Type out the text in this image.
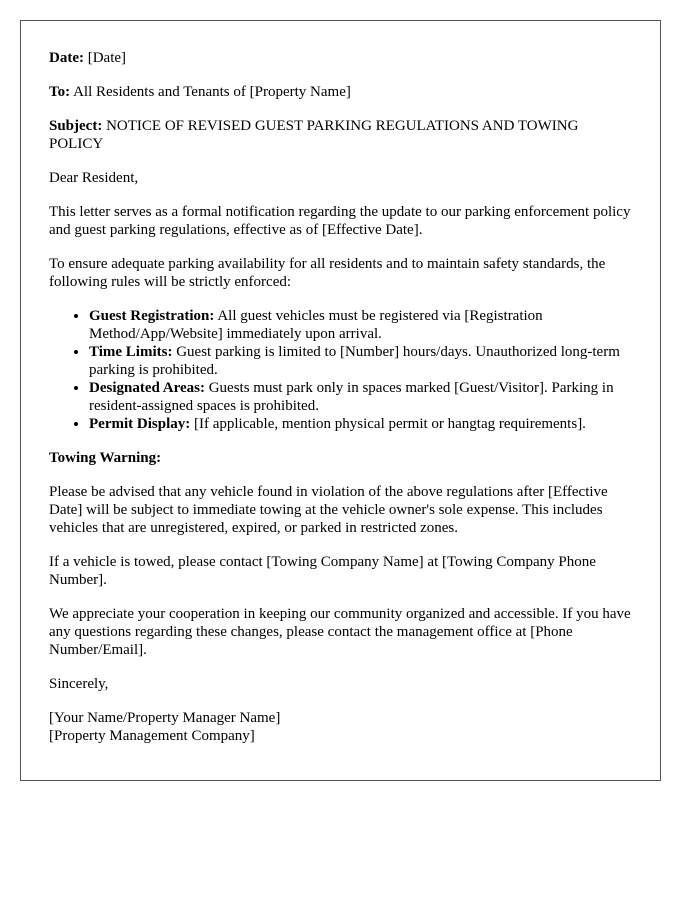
Date: [Date]

To: All Residents and Tenants of [Property Name]

Subject: NOTICE OF REVISED GUEST PARKING REGULATIONS AND TOWING POLICY

Dear Resident,

This letter serves as a formal notification regarding the update to our parking enforcement policy and guest parking regulations, effective as of [Effective Date].

To ensure adequate parking availability for all residents and to maintain safety standards, the following rules will be strictly enforced:

• Guest Registration: All guest vehicles must be registered via [Registration Method/App/Website] immediately upon arrival.
• Time Limits: Guest parking is limited to [Number] hours/days. Unauthorized long-term parking is prohibited.
• Designated Areas: Guests must park only in spaces marked [Guest/Visitor]. Parking in resident-assigned spaces is prohibited.
• Permit Display: [If applicable, mention physical permit or hangtag requirements].

Towing Warning:

Please be advised that any vehicle found in violation of the above regulations after [Effective Date] will be subject to immediate towing at the vehicle owner's sole expense. This includes vehicles that are unregistered, expired, or parked in restricted zones.

If a vehicle is towed, please contact [Towing Company Name] at [Towing Company Phone Number].

We appreciate your cooperation in keeping our community organized and accessible. If you have any questions regarding these changes, please contact the management office at [Phone Number/Email].

Sincerely,

[Your Name/Property Manager Name]

[Property Management Company]
